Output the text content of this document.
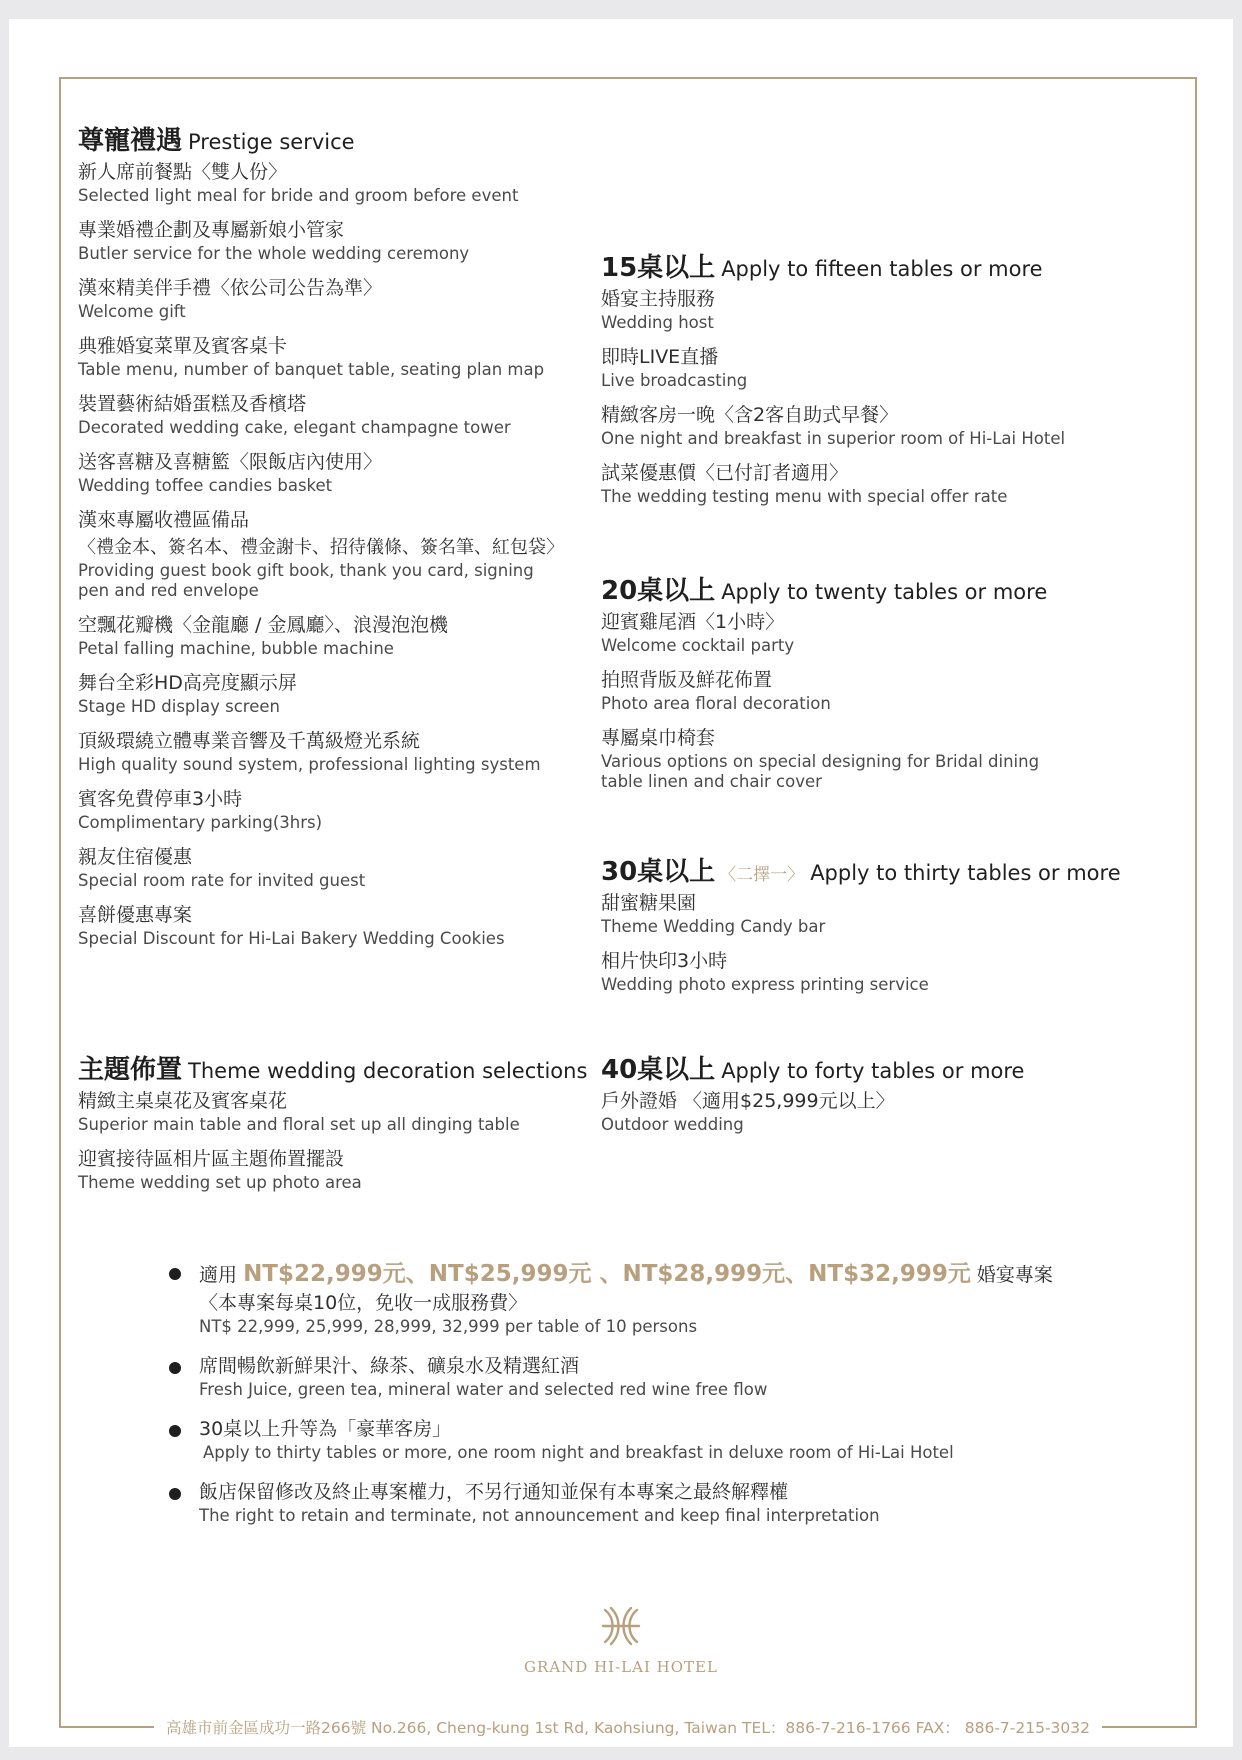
尊寵禮遇 Prestige service
新人席前餐點〈雙人份〉
Selected light meal for bride and groom before event
專業婚禮企劃及專屬新娘小管家
Butler service for the whole wedding ceremony
漢來精美伴手禮〈依公司公告為準〉
Welcome gift
典雅婚宴菜單及賓客桌卡
Table menu, number of banquet table, seating plan map
裝置藝術結婚蛋糕及香檳塔
Decorated wedding cake, elegant champagne tower
送客喜糖及喜糖籃〈限飯店內使用〉
Wedding toffee candies basket
漢來專屬收禮區備品
〈禮金本、簽名本、禮金謝卡、招待儀條、簽名筆、紅包袋〉
Providing guest book gift book, thank you card, signing
pen and red envelope
空飄花瓣機〈金龍廳 / 金鳳廳〉、浪漫泡泡機
Petal falling machine, bubble machine
舞台全彩HD高亮度顯示屏
Stage HD display screen
頂級環繞立體專業音響及千萬級燈光系統
High quality sound system, professional lighting system
賓客免費停車3小時
Complimentary parking(3hrs)
親友住宿優惠
Special room rate for invited guest
喜餅優惠專案
Special Discount for Hi-Lai Bakery Wedding Cookies
主題佈置 Theme wedding decoration selections
精緻主桌桌花及賓客桌花
Superior main table and floral set up all dinging table
迎賓接待區相片區主題佈置擺設
Theme wedding set up photo area
15桌以上 Apply to fifteen tables or more
婚宴主持服務
Wedding host
即時LIVE直播
Live broadcasting
精緻客房一晚〈含2客自助式早餐〉
One night and breakfast in superior room of Hi-Lai Hotel
試菜優惠價〈已付訂者適用〉
The wedding testing menu with special offer rate
20桌以上 Apply to twenty tables or more
迎賓雞尾酒〈1小時〉
Welcome cocktail party
拍照背版及鮮花佈置
Photo area floral decoration
專屬桌巾椅套
Various options on special designing for Bridal dining
table linen and chair cover
30桌以上 〈二擇一〉 Apply to thirty tables or more
甜蜜糖果園
Theme Wedding Candy bar
相片快印3小時
Wedding photo express printing service
40桌以上 Apply to forty tables or more
戶外證婚 〈適用$25,999元以上〉
Outdoor wedding
適用 NT$22,999元、NT$25,999元 、NT$28,999元、NT$32,999元 婚宴專案
〈本專案每桌10位，免收一成服務費〉
NT$ 22,999, 25,999, 28,999, 32,999 per table of 10 persons
席間暢飲新鮮果汁、綠茶、礦泉水及精選紅酒
Fresh Juice, green tea, mineral water and selected red wine free flow
30桌以上升等為「豪華客房」
Apply to thirty tables or more, one room night and breakfast in deluxe room of Hi-Lai Hotel
飯店保留修改及終止專案權力，不另行通知並保有本專案之最終解釋權
The right to retain and terminate, not announcement and keep final interpretation
GRAND HI-LAI HOTEL
高雄市前金區成功一路266號 No.266, Cheng-kung 1st Rd, Kaohsiung, Taiwan TEL：886-7-216-1766 FAX： 886-7-215-3032
